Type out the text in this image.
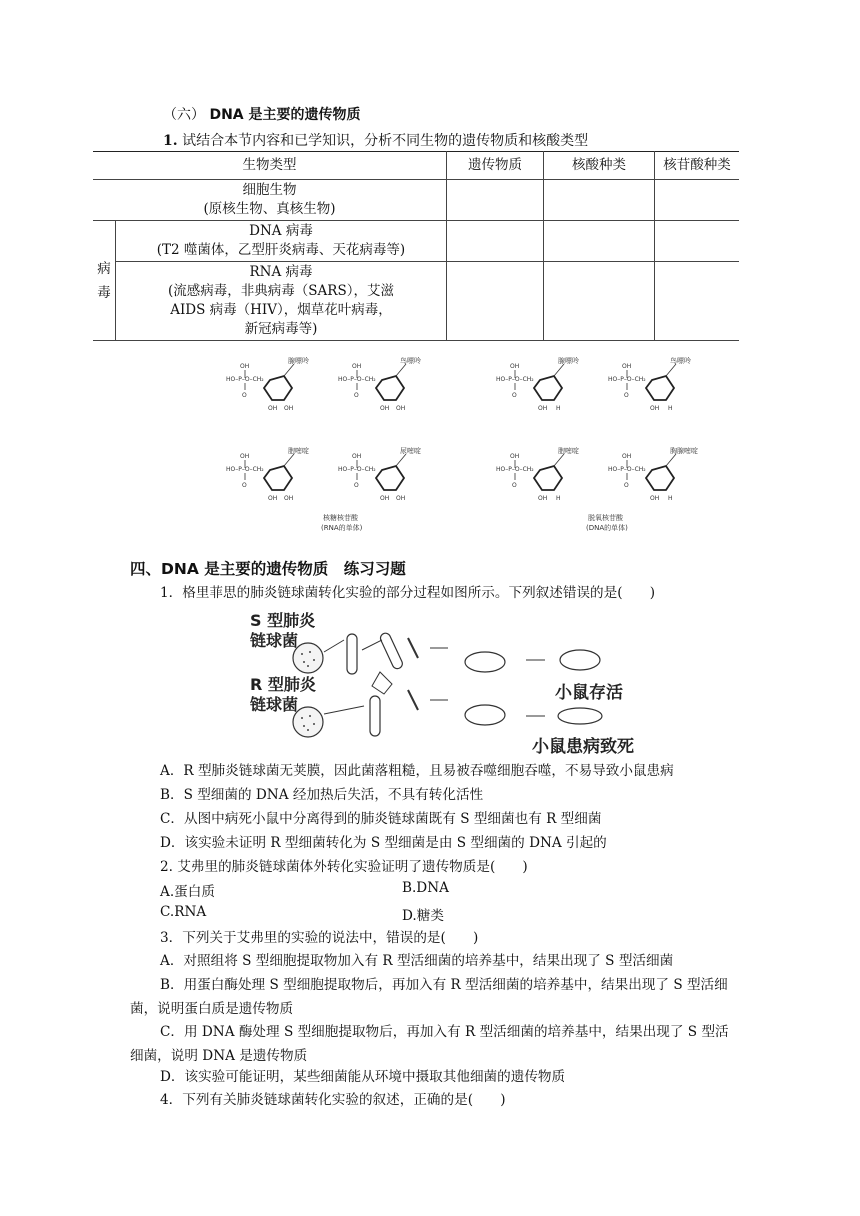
（六） DNA 是主要的遗传物质
1. 试结合本节内容和已学知识，分析不同生物的遗传物质和核酸类型
生物类型		遗传物质	核酸种类	核苷酸种类

细胞生物
(原核生物、真核生物)				

病毒	DNA 病毒
(T2 噬菌体，乙型肝炎病毒、天花病毒等)			

	RNA 病毒
(流感病毒，非典病毒（SARS），艾滋
AIDS 病毒（HIV），烟草花叶病毒，
新冠病毒等)			

OH
HO–P–O–CH₂
O
OH OH
腺嘌呤
OH OH
鸟嘌呤
OH OH
胞嘧啶
OH OH
尿嘧啶
OH H
腺嘌呤
OH H
鸟嘌呤
OH H
胞嘧啶
OH H
胸腺嘧啶
核糖核苷酸
(RNA的单体)
脱氧核苷酸
(DNA的单体)
四、DNA 是主要的遗传物质　练习习题
1．格里菲思的肺炎链球菌转化实验的部分过程如图所示。下列叙述错误的是(　　)
S 型肺炎
链球菌
小鼠存活
R 型肺炎
链球菌
小鼠患病致死
A．R 型肺炎链球菌无荚膜，因此菌落粗糙，且易被吞噬细胞吞噬，不易导致小鼠患病
B．S 型细菌的 DNA 经加热后失活，不具有转化活性
C．从图中病死小鼠中分离得到的肺炎链球菌既有 S 型细菌也有 R 型细菌
D．该实验未证明 R 型细菌转化为 S 型细菌是由 S 型细菌的 DNA 引起的
2. 艾弗里的肺炎链球菌体外转化实验证明了遗传物质是(　　)
A.蛋白质	B.DNA
C.RNA	D.糖类
3．下列关于艾弗里的实验的说法中，错误的是(　　)
A．对照组将 S 型细胞提取物加入有 R 型活细菌的培养基中，结果出现了 S 型活细菌
B．用蛋白酶处理 S 型细胞提取物后，再加入有 R 型活细菌的培养基中，结果出现了 S 型活细菌，说明蛋白质是遗传物质
C．用 DNA 酶处理 S 型细胞提取物后，再加入有 R 型活细菌的培养基中，结果出现了 S 型活细菌，说明 DNA 是遗传物质
D．该实验可能证明，某些细菌能从环境中摄取其他细菌的遗传物质
4．下列有关肺炎链球菌转化实验的叙述，正确的是(　　)
